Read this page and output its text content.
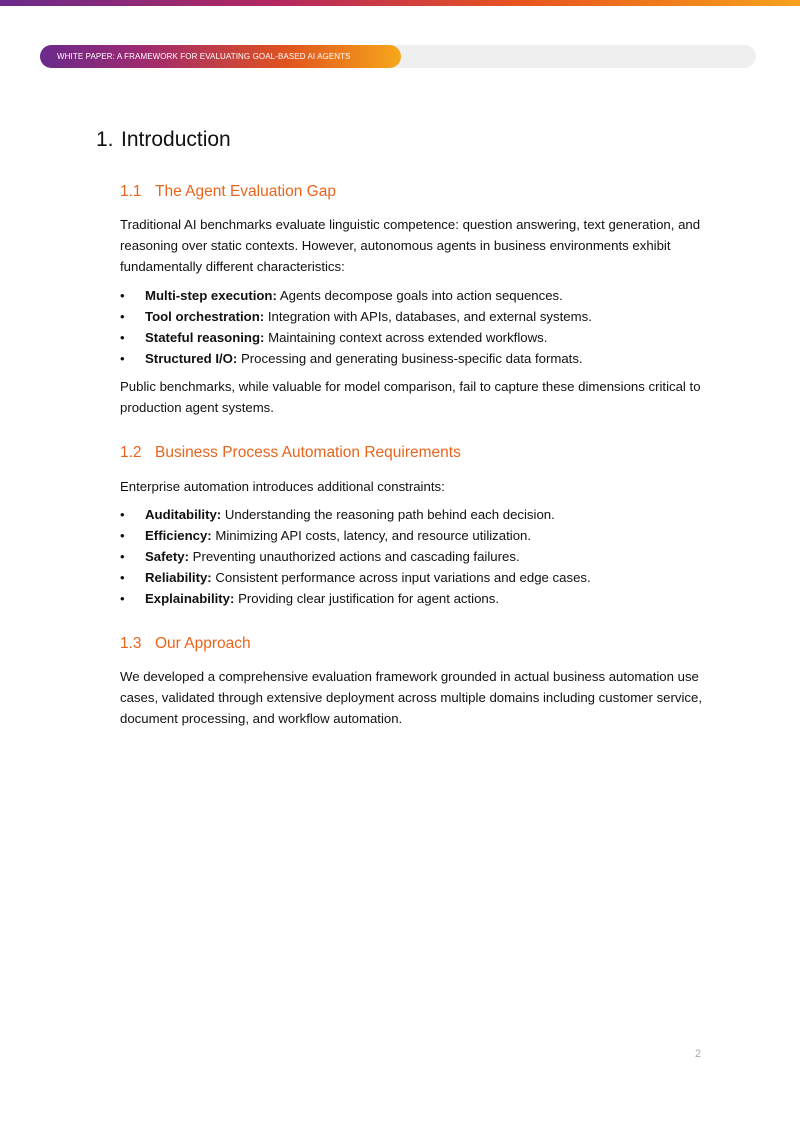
WHITE PAPER: A FRAMEWORK FOR EVALUATING GOAL-BASED AI AGENTS
1. Introduction
1.1 The Agent Evaluation Gap

Traditional AI benchmarks evaluate linguistic competence: question answering, text generation, and reasoning over static contexts. However, autonomous agents in business environments exhibit fundamentally different characteristics:

•	Multi-step execution: Agents decompose goals into action sequences.
•	Tool orchestration: Integration with APIs, databases, and external systems.
•	Stateful reasoning: Maintaining context across extended workflows.
•	Structured I/O: Processing and generating business-specific data formats.

Public benchmarks, while valuable for model comparison, fail to capture these dimensions critical to production agent systems.

1.2 Business Process Automation Requirements

Enterprise automation introduces additional constraints:

•	Auditability: Understanding the reasoning path behind each decision.
•	Efficiency: Minimizing API costs, latency, and resource utilization.
•	Safety: Preventing unauthorized actions and cascading failures.
•	Reliability: Consistent performance across input variations and edge cases.
•	Explainability: Providing clear justification for agent actions.
1.3 Our Approach

We developed a comprehensive evaluation framework grounded in actual business automation use cases, validated through extensive deployment across multiple domains including customer service, document processing, and workflow automation.

2
